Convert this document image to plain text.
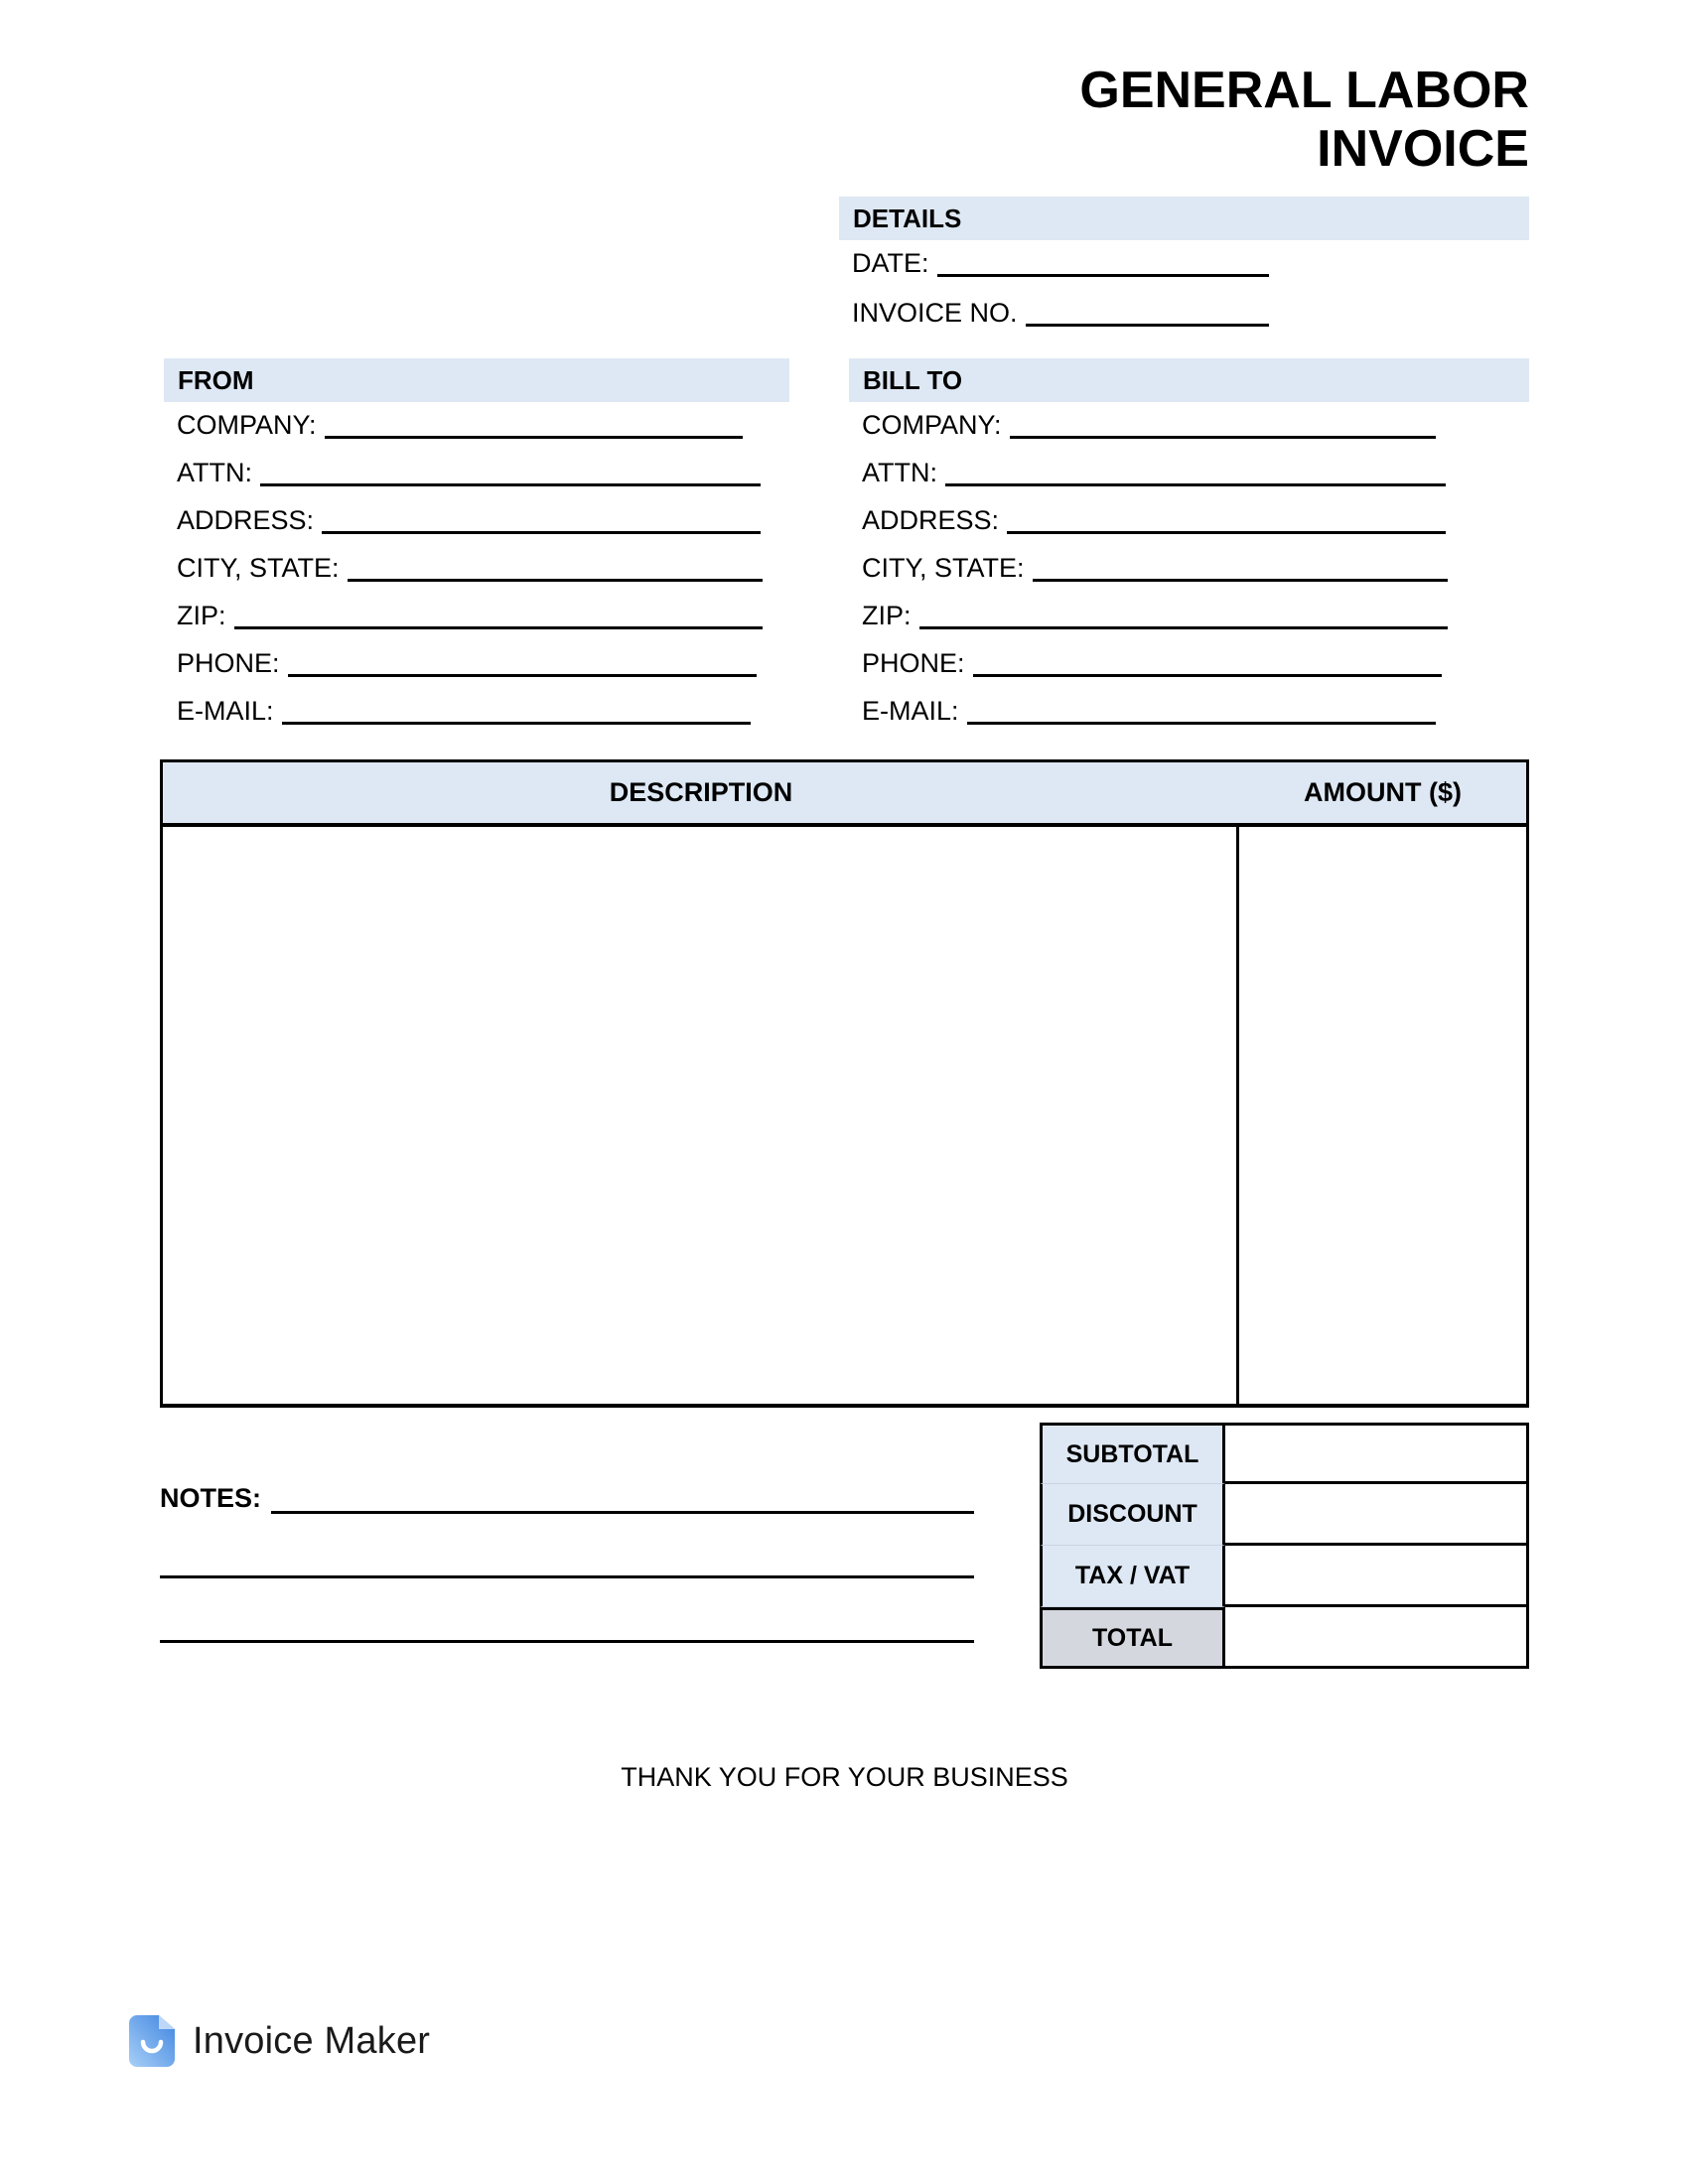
GENERAL LABOR
INVOICE
DETAILS
DATE:
INVOICE NO.
FROM
COMPANY:
ATTN:
ADDRESS:
CITY, STATE:
ZIP:
PHONE:
E-MAIL:
BILL TO
COMPANY:
ATTN:
ADDRESS:
CITY, STATE:
ZIP:
PHONE:
E-MAIL:
DESCRIPTION	AMOUNT ($)
SUBTOTAL
DISCOUNT
TAX / VAT
TOTAL
NOTES:
THANK YOU FOR YOUR BUSINESS
Invoice Maker
